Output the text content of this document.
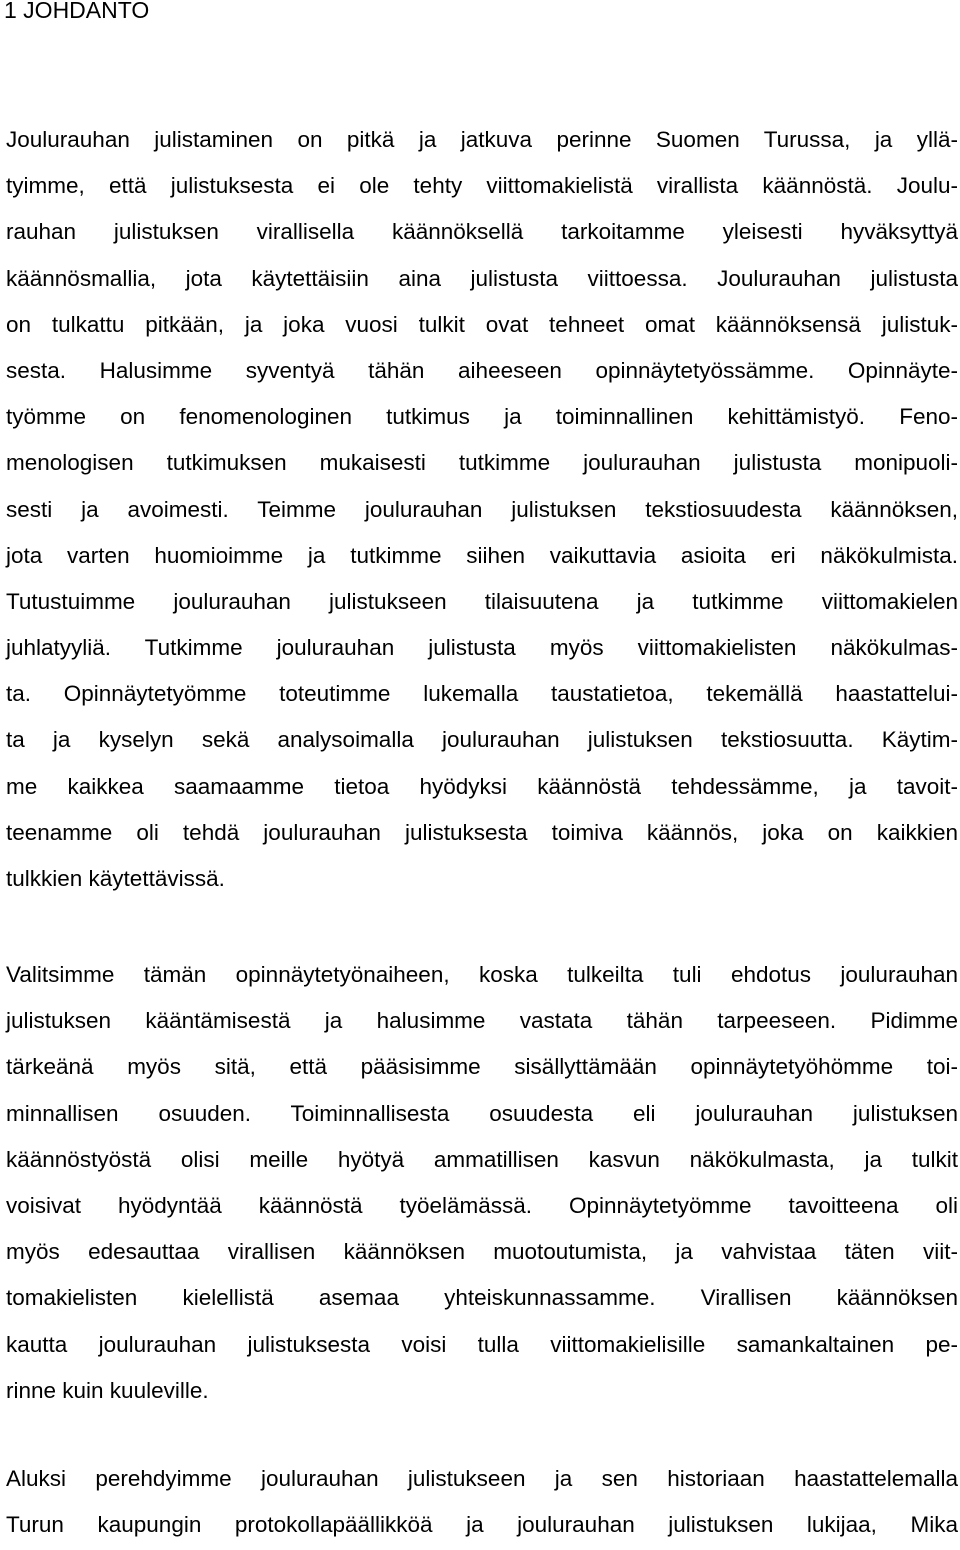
1 JOHDANTO
Joulurauhan julistaminen on pitkä ja jatkuva perinne Suomen Turussa, ja yllä-
tyimme, että julistuksesta ei ole tehty viittomakielistä virallista käännöstä. Joulu-
rauhan julistuksen virallisella käännöksellä tarkoitamme yleisesti hyväksyttyä
käännösmallia, jota käytettäisiin aina julistusta viittoessa. Joulurauhan julistusta
on tulkattu pitkään, ja joka vuosi tulkit ovat tehneet omat käännöksensä julistuk-
sesta. Halusimme syventyä tähän aiheeseen opinnäytetyössämme. Opinnäyte-
työmme on fenomenologinen tutkimus ja toiminnallinen kehittämistyö. Feno-
menologisen tutkimuksen mukaisesti tutkimme joulurauhan julistusta monipuoli-
sesti ja avoimesti. Teimme joulurauhan julistuksen tekstiosuudesta käännöksen,
jota varten huomioimme ja tutkimme siihen vaikuttavia asioita eri näkökulmista.
Tutustuimme joulurauhan julistukseen tilaisuutena ja tutkimme viittomakielen
juhlatyyliä. Tutkimme joulurauhan julistusta myös viittomakielisten näkökulmas-
ta. Opinnäytetyömme toteutimme lukemalla taustatietoa, tekemällä haastattelui-
ta ja kyselyn sekä analysoimalla joulurauhan julistuksen tekstiosuutta. Käytim-
me kaikkea saamaamme tietoa hyödyksi käännöstä tehdessämme, ja tavoit-
teenamme oli tehdä joulurauhan julistuksesta toimiva käännös, joka on kaikkien
tulkkien käytettävissä.
Valitsimme tämän opinnäytetyönaiheen, koska tulkeilta tuli ehdotus joulurauhan
julistuksen kääntämisestä ja halusimme vastata tähän tarpeeseen. Pidimme
tärkeänä myös sitä, että pääsisimme sisällyttämään opinnäytetyöhömme toi-
minnallisen osuuden. Toiminnallisesta osuudesta eli joulurauhan julistuksen
käännöstyöstä olisi meille hyötyä ammatillisen kasvun näkökulmasta, ja tulkit
voisivat hyödyntää käännöstä työelämässä. Opinnäytetyömme tavoitteena oli
myös edesauttaa virallisen käännöksen muotoutumista, ja vahvistaa täten viit-
tomakielisten kielellistä asemaa yhteiskunnassamme. Virallisen käännöksen
kautta joulurauhan julistuksesta voisi tulla viittomakielisille samankaltainen pe-
rinne kuin kuuleville.
Aluksi perehdyimme joulurauhan julistukseen ja sen historiaan haastattelemalla
Turun kaupungin protokollapäällikköä ja joulurauhan julistuksen lukijaa, Mika
